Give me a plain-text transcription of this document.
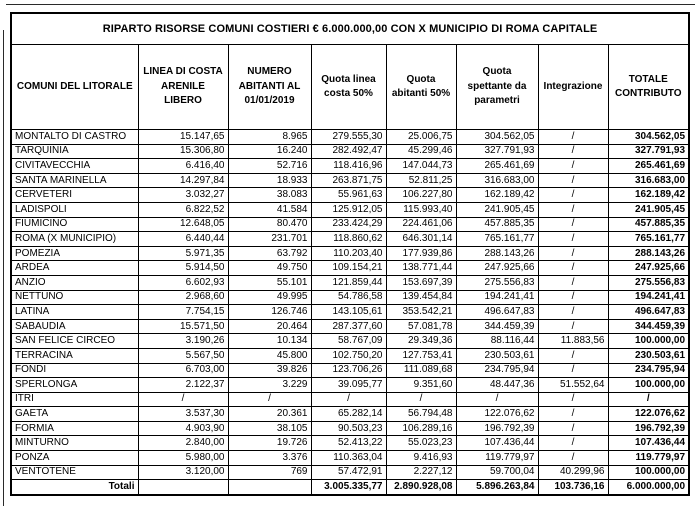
RIPARTO RISORSE COMUNI COSTIERI € 6.000.000,00 CON X MUNICIPIO DI ROMA CAPITALE							
COMUNI DEL LITORALE	LINEA DI COSTA ARENILE LIBERO	NUMERO ABITANTI AL 01/01/2019	Quota linea costa 50%	Quota abitanti 50%	Quota spettante da parametri	Integrazione	TOTALE CONTRIBUTO
MONTALTO DI CASTRO	15.147,65	8.965	279.555,30	25.006,75	304.562,05	/	304.562,05
TARQUINIA	15.306,80	16.240	282.492,47	45.299,46	327.791,93	/	327.791,93
CIVITAVECCHIA	6.416,40	52.716	118.416,96	147.044,73	265.461,69	/	265.461,69
SANTA MARINELLA	14.297,84	18.933	263.871,75	52.811,25	316.683,00	/	316.683,00
CERVETERI	3.032,27	38.083	55.961,63	106.227,80	162.189,42	/	162.189,42
LADISPOLI	6.822,52	41.584	125.912,05	115.993,40	241.905,45	/	241.905,45
FIUMICINO	12.648,05	80.470	233.424,29	224.461,06	457.885,35	/	457.885,35
ROMA (X MUNICIPIO)	6.440,44	231.701	118.860,62	646.301,14	765.161,77	/	765.161,77
POMEZIA	5.971,35	63.792	110.203,40	177.939,86	288.143,26	/	288.143,26
ARDEA	5.914,50	49.750	109.154,21	138.771,44	247.925,66	/	247.925,66
ANZIO	6.602,93	55.101	121.859,44	153.697,39	275.556,83	/	275.556,83
NETTUNO	2.968,60	49.995	54.786,58	139.454,84	194.241,41	/	194.241,41
LATINA	7.754,15	126.746	143.105,61	353.542,21	496.647,83	/	496.647,83
SABAUDIA	15.571,50	20.464	287.377,60	57.081,78	344.459,39	/	344.459,39
SAN FELICE CIRCEO	3.190,26	10.134	58.767,09	29.349,36	88.116,44	11.883,56	100.000,00
TERRACINA	5.567,50	45.800	102.750,20	127.753,41	230.503,61	/	230.503,61
FONDI	6.703,00	39.826	123.706,26	111.089,68	234.795,94	/	234.795,94
SPERLONGA	2.122,37	3.229	39.095,77	9.351,60	48.447,36	51.552,64	100.000,00
ITRI	/	/	/	/	/	/	/
GAETA	3.537,30	20.361	65.282,14	56.794,48	122.076,62	/	122.076,62
FORMIA	4.903,90	38.105	90.503,23	106.289,16	196.792,39	/	196.792,39
MINTURNO	2.840,00	19.726	52.413,22	55.023,23	107.436,44	/	107.436,44
PONZA	5.980,00	3.376	110.363,04	9.416,93	119.779,97	/	119.779,97
VENTOTENE	3.120,00	769	57.472,91	2.227,12	59.700,04	40.299,96	100.000,00
Totali			3.005.335,77	2.890.928,08	5.896.263,84	103.736,16	6.000.000,00
